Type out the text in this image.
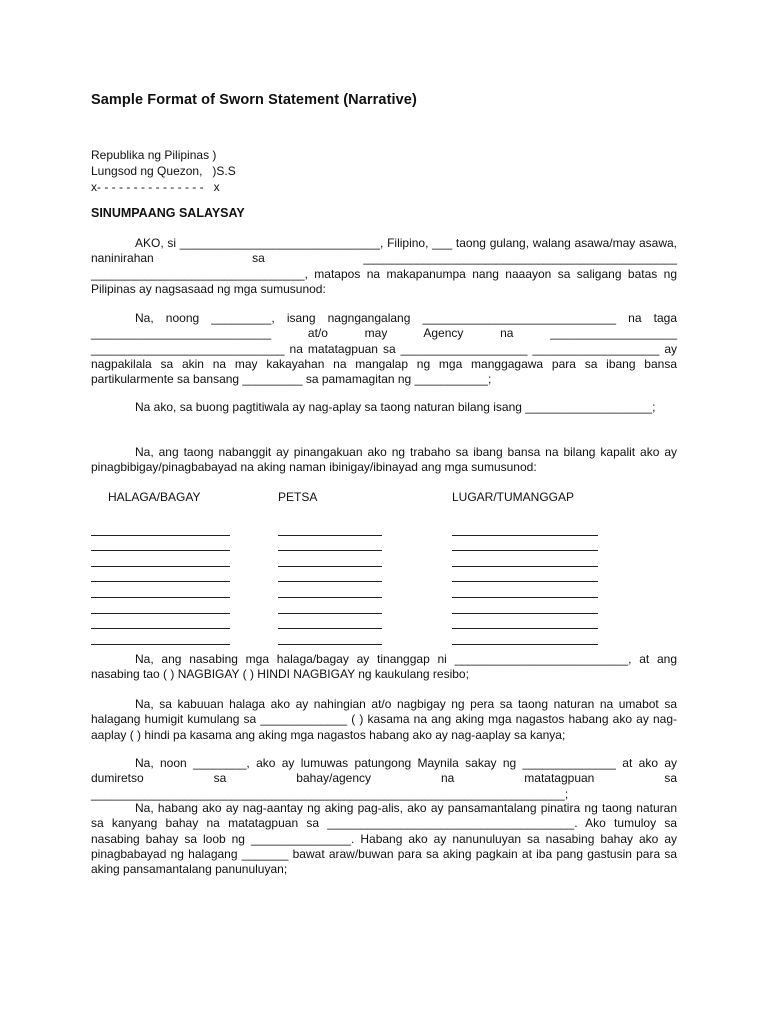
Sample Format of Sworn Statement (Narrative)
Republika ng Pilipinas )
Lungsod ng Quezon,   )S.S
x- - - - - - - - - - - - - - -   x
SINUMPAANG SALAYSAY

AKO, si ______________________________, Filipino, ___ taong gulang, walang asawa/may asawa, naninirahan sa _______________________________________________ ________________________________, matapos na makapanumpa nang naaayon sa saligang batas ng Pilipinas ay nagsasaad ng mga sumusunod:

Na, noong _________, isang nagngangalang _____________________________ na taga ___________________________ at/o may Agency na ___________________ _____________________________ na matatagpuan sa ___________________ ___________________ ay nagpakilala sa akin na may kakayahan na mangalap ng mga manggagawa para sa ibang bansa partikularmente sa bansang _________ sa pamamagitan ng ___________;

Na ako, sa buong pagtitiwala ay nag-aplay sa taong naturan bilang isang ___________________;

Na, ang taong nabanggit ay pinangakuan ako ng trabaho sa ibang bansa na bilang kapalit ako ay pinagbibigay/pinagbabayad na aking naman ibinigay/ibinayad ang mga sumusunod:

HALAGA/BAGAY	PETSA	LUGAR/TUMANGGAP

Na, ang nasabing mga halaga/bagay ay tinanggap ni __________________________, at ang nasabing tao ( ) NAGBIGAY ( ) HINDI NAGBIGAY ng kaukulang resibo;

Na, sa kabuuan halaga ako ay nahingian at/o nagbigay ng pera sa taong naturan na umabot sa halagang humigit kumulang sa _____________ ( ) kasama na ang aking mga nagastos habang ako ay nag-aaplay ( ) hindi pa kasama ang aking mga nagastos habang ako ay nag-aaplay sa kanya;

Na, noon ________, ako ay lumuwas patungong Maynila sakay ng ______________ at ako ay dumiretso sa bahay/agency na matatagpuan sa _______________________________________________________________________;

Na, habang ako ay nag-aantay ng aking pag-alis, ako ay pansamantalang pinatira ng taong naturan sa kanyang bahay na matatagpuan sa _____________________________________. Ako tumuloy sa nasabing bahay sa loob ng _______________. Habang ako ay nanunuluyan sa nasabing bahay ako ay pinagbabayad ng halagang _______ bawat araw/buwan para sa aking pagkain at iba pang gastusin para sa aking pansamantalang panunuluyan;
